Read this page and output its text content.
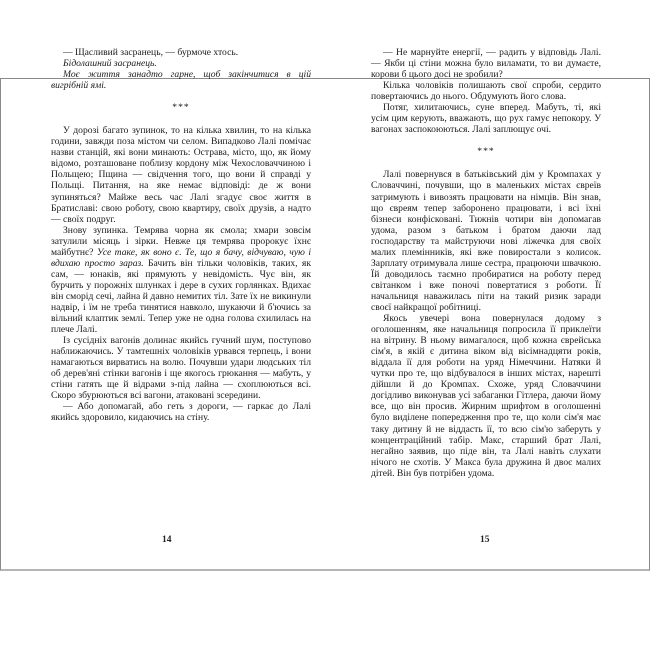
— Щасливий засранець, — бурмоче хтось.

Бідолашний засранець.

Моє життя занадто гарне, щоб закінчитися в цій вигрібній ямі.

***

У дорозі багато зупинок, то на кілька хвилин, то на кілька години, завжди поза містом чи селом. Випадково Лалі помічає назви станцій, які вони минають: Острава, місто, що, як йому відомо, розташоване поблизу кордону між Чехословаччиною і Польщею; Пщина — свідчення того, що вони й справді у Польщі. Питання, на яке немає відповіді: де ж вони зупиняться? Майже весь час Лалі згадує своє життя в Братиславі: свою роботу, свою квартиру, своїх друзів, а надто — своїх подруг.

Знову зупинка. Темрява чорна як смола; хмари зовсім затулили місяць і зірки. Невже ця темрява пророкує їхнє майбутнє? Усе таке, як воно є. Те, що я бачу, відчуваю, чую і вдихаю просто зараз. Бачить він тільки чоловіків, таких, як сам, — юнаків, які прямують у невідомість. Чує він, як бурчить у порожніх шлунках і дере в сухих горлянках. Вдихає він сморід сечі, лайна й давно немитих тіл. Зате їх не викинули надвір, і їм не треба тинятися навколо, шукаючи й б'ючись за вільний клаптик землі. Тепер уже не одна голова схилилась на плече Лалі.

Із сусідніх вагонів долинає якийсь гучний шум, поступово наближаючись. У тамтешніх чоловіків урвався терпець, і вони намагаються вирватись на волю. Почувши удари людських тіл об дерев'яні стінки вагонів і ще якогось грюкання — мабуть, у стіни гатять ще й відрами з-під лайна — схоплюються всі. Скоро збурюються всі вагони, атаковані зсередини.

— Або допомагай, або геть з дороги, — гаркає до Лалі якийсь здоровило, кидаючись на стіну.

14

— Не марнуйте енергії, — радить у відповідь Лалі. — Якби ці стіни можна було виламати, то ви думаєте, корови б цього досі не зробили?

Кілька чоловіків полишають свої спроби, сердито повертаючись до нього. Обдумують його слова.

Потяг, хилитаючись, суне вперед. Мабуть, ті, які усім цим керують, вважають, що рух гамує непокору. У вагонах заспокоюються. Лалі заплющує очі.

***

Лалі повернувся в батьківський дім у Кромпахах у Словаччині, почувши, що в маленьких містах євреїв затримують і вивозять працювати на німців. Він знав, що євреям тепер заборонено працювати, і всі їхні бізнеси конфісковані. Тижнів чотири він допомагав удома, разом з батьком і братом даючи лад господарству та майструючи нові ліжечка для своїх малих племінників, які вже повиростали з колисок. Зарплату отримувала лише сестра, працюючи швачкою. Їй доводилось таємно пробиратися на роботу перед світанком і вже поночі повертатися з роботи. Її начальниця наважилась піти на такий ризик заради своєї найкращої робітниці.

Якось увечері вона повернулася додому з оголошенням, яке начальниця попросила її приклеїти на вітрину. В ньому вимагалося, щоб кожна єврейська сім'я, в якій є дитина віком від вісімнадцяти років, віддала її для роботи на уряд Німеччини. Натяки й чутки про те, що відбувалося в інших містах, нарешті дійшли й до Кромпах. Схоже, уряд Словаччини догідливо виконував усі забаганки Гітлера, даючи йому все, що він просив. Жирним шрифтом в оголошенні було виділене попередження про те, що коли сім'я має таку дитину й не віддасть її, то всю сім'ю заберуть у концентраційний табір. Макс, старший брат Лалі, негайно заявив, що піде він, та Лалі навіть слухати нічого не схотів. У Макса була дружина й двоє малих дітей. Він був потрібен удома.

15
